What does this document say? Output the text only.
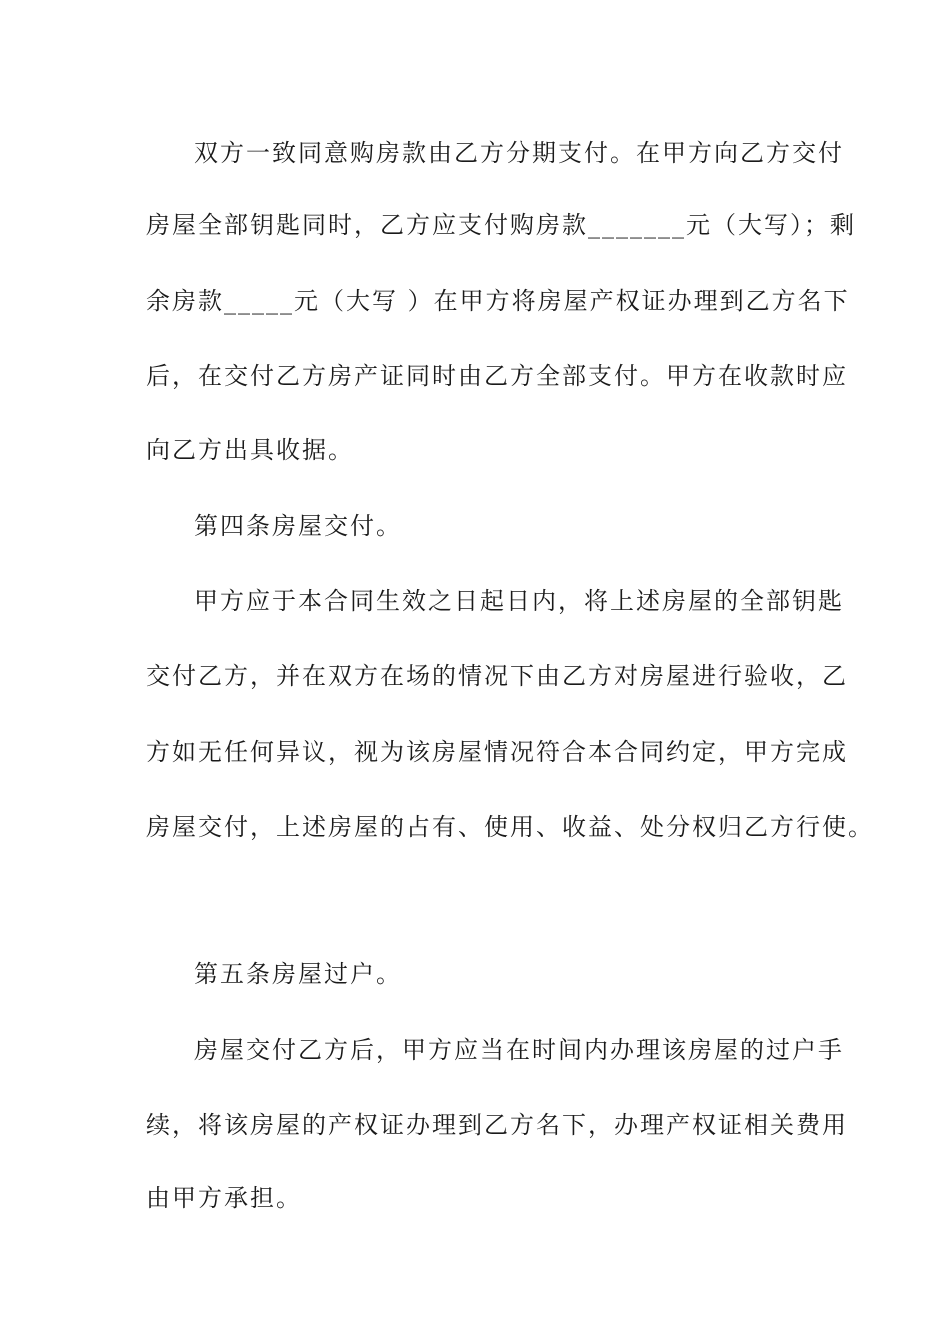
双方一致同意购房款由乙方分期支付。在甲方向乙方交付
房屋全部钥匙同时，乙方应支付购房款_______元（大写）；剩
余房款_____元（大写 ）在甲方将房屋产权证办理到乙方名下
后，在交付乙方房产证同时由乙方全部支付。甲方在收款时应
向乙方出具收据。
第四条房屋交付。
甲方应于本合同生效之日起日内，将上述房屋的全部钥匙
交付乙方，并在双方在场的情况下由乙方对房屋进行验收，乙
方如无任何异议，视为该房屋情况符合本合同约定，甲方完成
房屋交付，上述房屋的占有、使用、收益、处分权归乙方行使。
第五条房屋过户。
房屋交付乙方后，甲方应当在时间内办理该房屋的过户手
续，将该房屋的产权证办理到乙方名下，办理产权证相关费用
由甲方承担。
